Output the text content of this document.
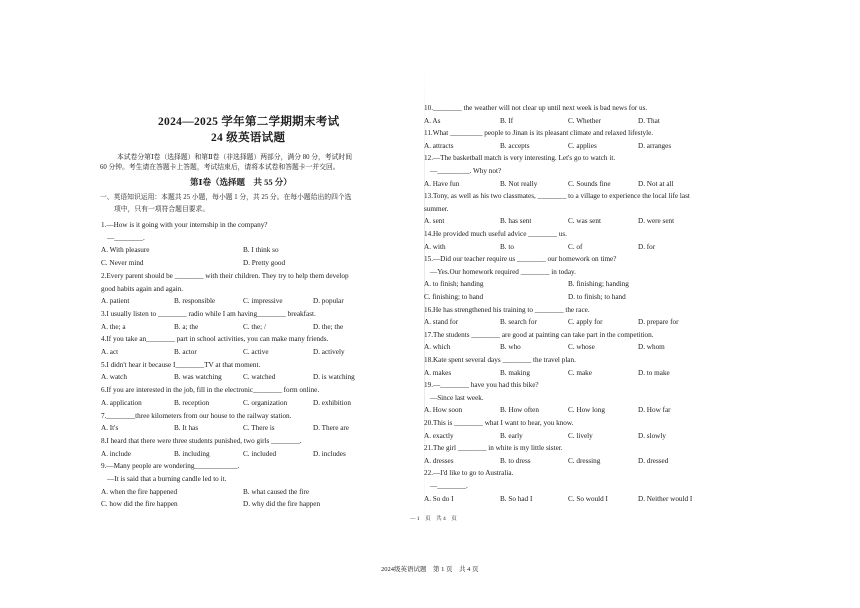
2024—2025 学年第二学期期末考试
24 级英语试题
本试卷分第Ⅰ卷（选择题）和第Ⅱ卷（非选择题）两部分，满分 80 分，考试时间
60 分钟。考生请在答题卡上答题，考试结束后，请将本试卷和答题卡一并交回。
第Ⅰ卷（选择题　共 55 分）
一、英语知识运用：本题共 25 小题，每小题 1 分，共 25 分。在每小题给出的四个选
项中，只有一项符合题目要求。
1.—How is it going with your internship in the company?
—________.
A. With pleasure	B. I think so
C. Never mind	D. Pretty good
2.Every parent should be ________ with their children. They try to help them develop
good habits again and again.
A. patient	B. responsible	C. impressive	D. popular
3.I usually listen to ________ radio while I am having________ breakfast.
A. the; a	B. a; the	C. the; /	D. the; the
4.If you take an________ part in school activities, you can make many friends.
A. act	B. actor	C. active	D. actively
5.I didn't hear it because I________TV at that moment.
A. watch	B. was watching	C. watched	D. is watching
6.If you are interested in the job, fill in the electronic________ form online.
A. application	B. reception	C. organization	D. exhibition
7.________three kilometers from our house to the railway station.
A. It's	B. It has	C. There is	D. There are
8.I heard that there were three students punished, two girls ________.
A. include	B. including	C. included	D. includes
9.—Many people are wondering____________.
—It is said that a burning candle led to it.
A. when the fire happened	B. what caused the fire
C. how did the fire happen	D. why did the fire happen
10.________ the weather will not clear up until next week is bad news for us.
A. As	B. If	C. Whether	D. That
11.What _________ people to Jinan is its pleasant climate and relaxed lifestyle.
A. attracts	B. accepts	C. applies	D. arranges
12.—The basketball match is very interesting. Let's go to watch it.
—_________. Why not?
A. Have fun	B. Not really	C. Sounds fine	D. Not at all
13.Tony, as well as his two classmates, ________ to a village to experience the local life last
summer.
A. sent	B. has sent	C. was sent	D. were sent
14.He provided much useful advice ________ us.
A. with	B. to	C. of	D. for
15.—Did our teacher require us ________ our homework on time?
—Yes.Our homework required ________ in today.
A. to finish; handing	B. finishing; handing
C. finishing; to hand	D. to finish; to hand
16.He has strengthened his training to ________ the race.
A. stand for	B. search for	C. apply for	D. prepare for
17.The students ________ are good at painting can take part in the competition.
A. which	B. who	C. whose	D. whom
18.Kate spent several days ________ the travel plan.
A. makes	B. making	C. make	D. to make
19.—________ have you had this bike?
—Since last week.
A. How soon	B. How often	C. How long	D. How far
20.This is ________ what I want to hear, you know.
A. exactly	B. early	C. lively	D. slowly
21.The girl ________ in white is my little sister.
A. dresses	B. to dress	C. dressing	D. dressed
22.—I'd like to go to Australia.
—________.
A. So do I	B. So had I	C. So would I	D. Neither would I
— 1　页　共 4　页
2024级英语试题　第 1 页　共 4 页
